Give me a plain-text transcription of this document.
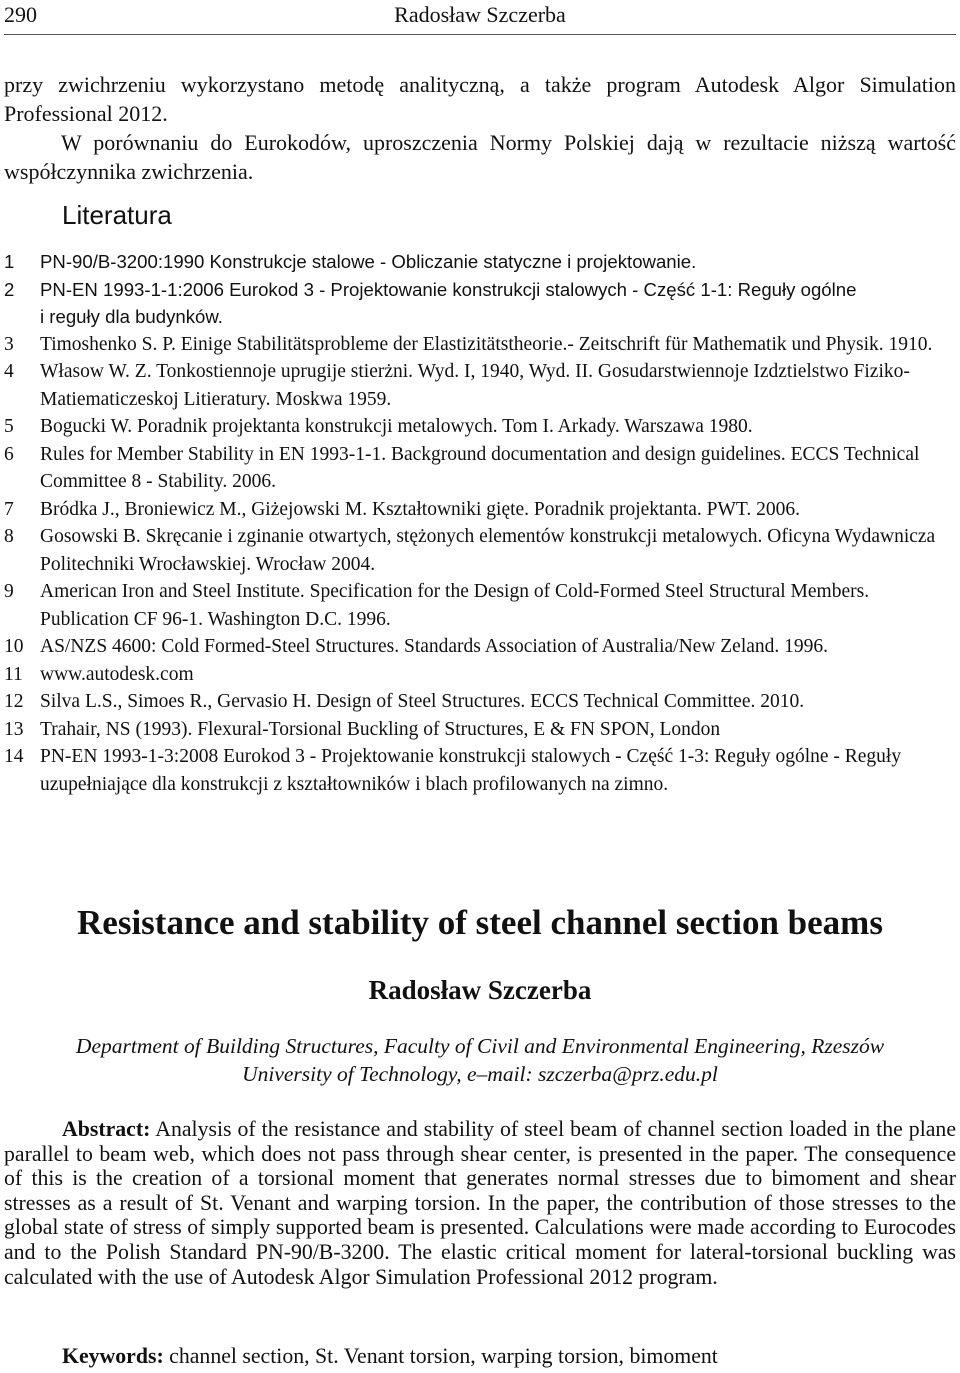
290	Radosław Szczerba

przy zwichrzeniu wykorzystano metodę analityczną, a także program Autodesk Algor Simulation Professional 2012.

W porównaniu do Eurokodów, uproszczenia Normy Polskiej dają w rezultacie niższą wartość współczynnika zwichrzenia.

Literatura
1 PN-90/B-3200:1990 Konstrukcje stalowe - Obliczanie statyczne i projektowanie.
2 PN-EN 1993-1-1:2006 Eurokod 3 - Projektowanie konstrukcji stalowych - Część 1-1: Reguły ogólne
i reguły dla budynków.
3 Timoshenko S. P. Einige Stabilitätsprobleme der Elastizitätstheorie.- Zeitschrift für Mathematik und Physik. 1910.
4 Własow W. Z. Tonkostiennoje uprugije stierżni. Wyd. I, 1940, Wyd. II. Gosudarstwiennoje Izdztielstwo Fiziko-Matiematiczeskoj Litieratury. Moskwa 1959.
5 Bogucki W. Poradnik projektanta konstrukcji metalowych. Tom I. Arkady. Warszawa 1980.
6 Rules for Member Stability in EN 1993-1-1. Background documentation and design guidelines. ECCS Technical Committee 8 - Stability. 2006.
7 Bródka J., Broniewicz M., Giżejowski M. Kształtowniki gięte. Poradnik projektanta. PWT. 2006.
8 Gosowski B. Skręcanie i zginanie otwartych, stężonych elementów konstrukcji metalowych. Oficyna Wydawnicza Politechniki Wrocławskiej. Wrocław 2004.
9 American Iron and Steel Institute. Specification for the Design of Cold-Formed Steel Structural Members. Publication CF 96-1. Washington D.C. 1996.
10 AS/NZS 4600: Cold Formed-Steel Structures. Standards Association of Australia/New Zeland. 1996.
11 www.autodesk.com
12 Silva L.S., Simoes R., Gervasio H. Design of Steel Structures. ECCS Technical Committee. 2010.
13 Trahair, NS (1993). Flexural-Torsional Buckling of Structures, E & FN SPON, London
14 PN-EN 1993-1-3:2008 Eurokod 3 - Projektowanie konstrukcji stalowych - Część 1-3: Reguły ogólne - Reguły uzupełniające dla konstrukcji z kształtowników i blach profilowanych na zimno.
Resistance and stability of steel channel section beams

Radosław Szczerba

Department of Building Structures, Faculty of Civil and Environmental Engineering, Rzeszów
University of Technology, e–mail: szczerba@prz.edu.pl

Abstract: Analysis of the resistance and stability of steel beam of channel section loaded in the plane parallel to beam web, which does not pass through shear center, is presented in the paper. The consequence of this is the creation of a torsional moment that generates normal stresses due to bimoment and shear stresses as a result of St. Venant and warping torsion. In the paper, the contribution of those stresses to the global state of stress of simply supported beam is presented. Calculations were made according to Eurocodes and to the Polish Standard PN-90/B-3200. The elastic critical moment for lateral-torsional buckling was calculated with the use of Autodesk Algor Simulation Professional 2012 program.

Keywords: channel section, St. Venant torsion, warping torsion, bimoment
